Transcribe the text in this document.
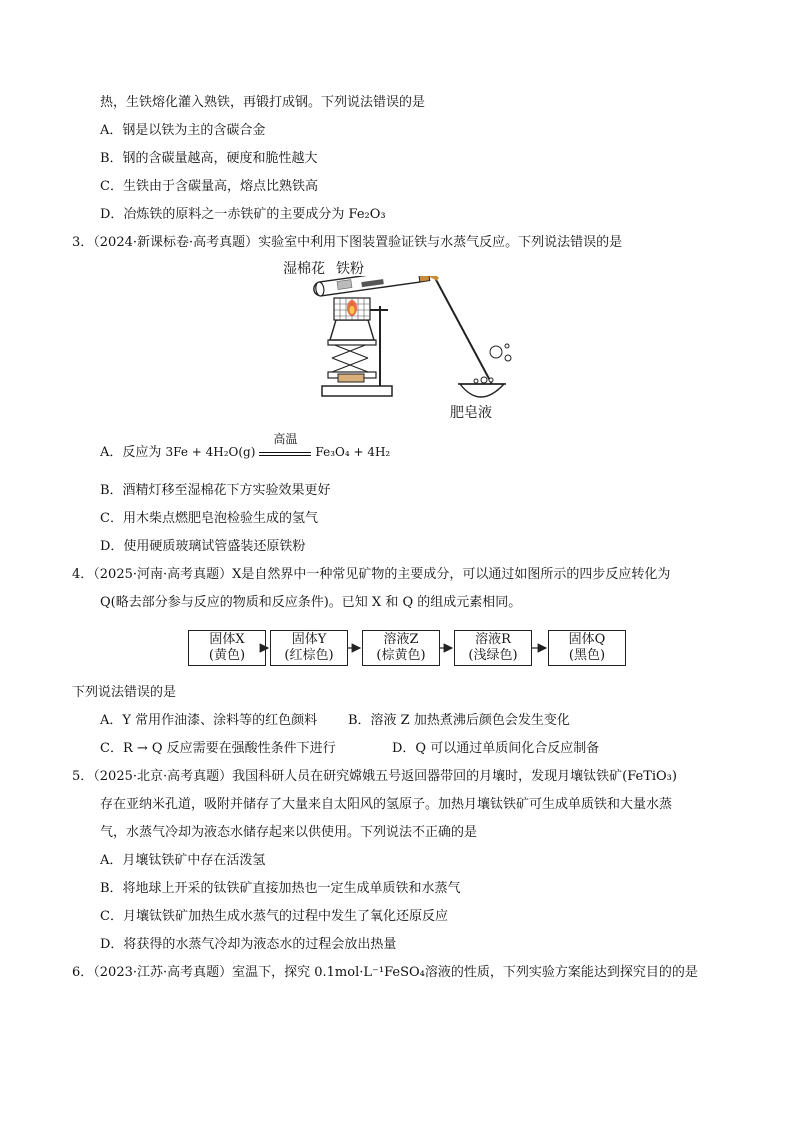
热，生铁熔化灌入熟铁，再锻打成钢。下列说法错误的是
A．钢是以铁为主的含碳合金
B．钢的含碳量越高，硬度和脆性越大
C．生铁由于含碳量高，熔点比熟铁高
D．冶炼铁的原料之一赤铁矿的主要成分为 Fe₂O₃
3．（2024·新课标卷·高考真题）实验室中利用下图装置验证铁与水蒸气反应。下列说法错误的是
湿棉花 铁粉
肥皂液
A．反应为 3Fe + 4H₂O(g)
高温
Fe₃O₄ + 4H₂
B．酒精灯移至湿棉花下方实验效果更好
C．用木柴点燃肥皂泡检验生成的氢气
D．使用硬质玻璃试管盛装还原铁粉
4．（2025·河南·高考真题）X是自然界中一种常见矿物的主要成分，可以通过如图所示的四步反应转化为
Q(略去部分参与反应的物质和反应条件)。已知 X 和 Q 的组成元素相同。
固体X
(黄色)
固体Y
(红棕色)
溶液Z
(棕黄色)
溶液R
(浅绿色)
固体Q
(黑色)
下列说法错误的是
A．Y 常用作油漆、涂料等的红色颜料 B．溶液 Z 加热煮沸后颜色会发生变化
C．R → Q 反应需要在强酸性条件下进行	D．Q 可以通过单质间化合反应制备
5．（2025·北京·高考真题）我国科研人员在研究嫦娥五号返回器带回的月壤时，发现月壤钛铁矿(FeTiO₃)
存在亚纳米孔道，吸附并储存了大量来自太阳风的氢原子。加热月壤钛铁矿可生成单质铁和大量水蒸
气，水蒸气冷却为液态水储存起来以供使用。下列说法不正确的是
A．月壤钛铁矿中存在活泼氢
B．将地球上开采的钛铁矿直接加热也一定生成单质铁和水蒸气
C．月壤钛铁矿加热生成水蒸气的过程中发生了氧化还原反应
D．将获得的水蒸气冷却为液态水的过程会放出热量
6．（2023·江苏·高考真题）室温下，探究 0.1mol·L⁻¹FeSO₄溶液的性质，下列实验方案能达到探究目的的是
